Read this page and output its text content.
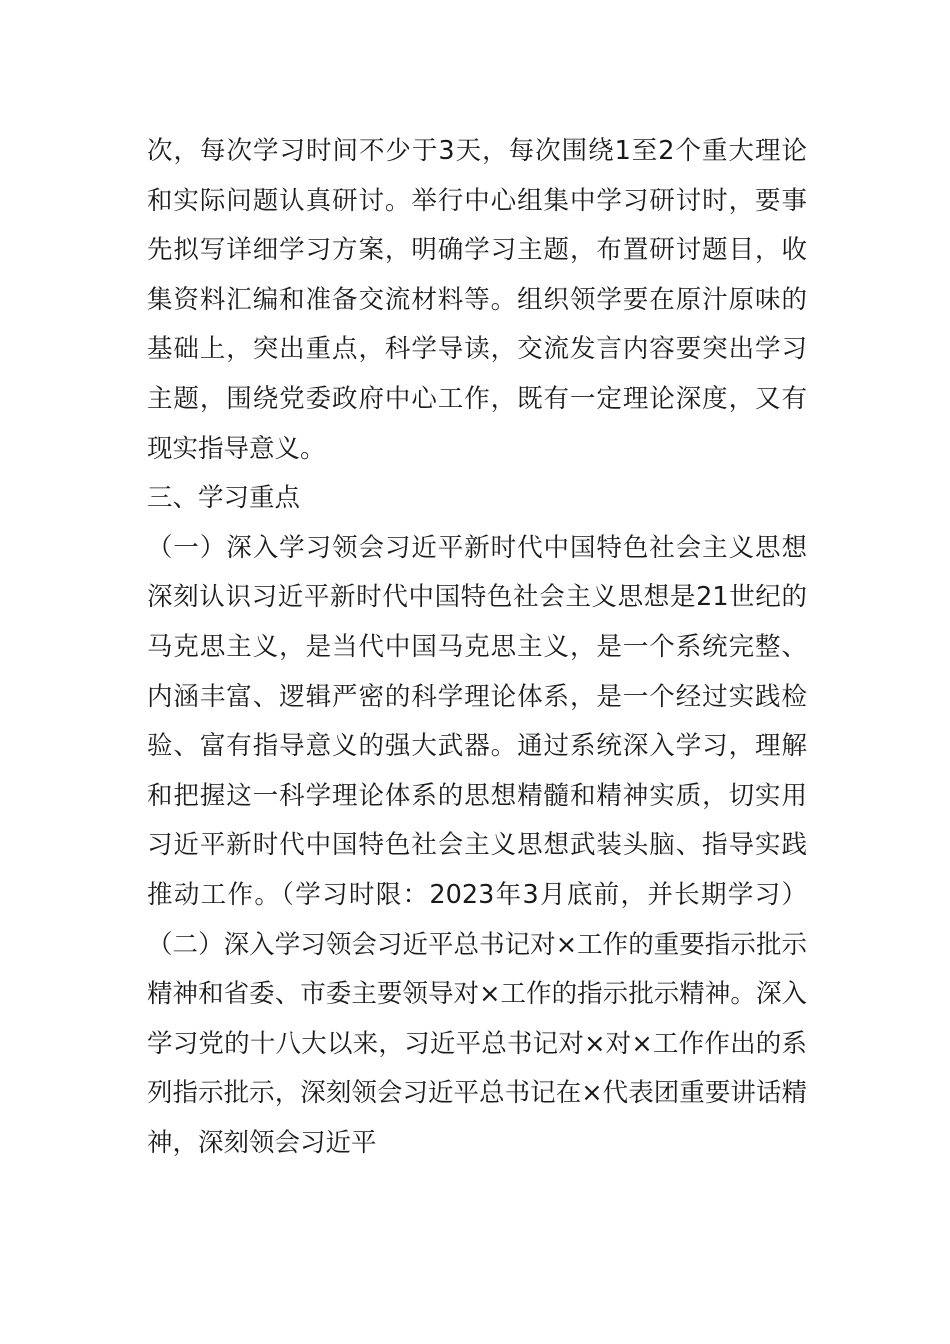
次，每次学习时间不少于3天，每次围绕1至2个重大理论
和实际问题认真研讨。举行中心组集中学习研讨时，要事
先拟写详细学习方案，明确学习主题，布置研讨题目，收
集资料汇编和准备交流材料等。组织领学要在原汁原味的
基础上，突出重点，科学导读，交流发言内容要突出学习
主题，围绕党委政府中心工作，既有一定理论深度，又有
现实指导意义。
三、学习重点
（一）深入学习领会习近平新时代中国特色社会主义思想
深刻认识习近平新时代中国特色社会主义思想是21世纪的
马克思主义，是当代中国马克思主义，是一个系统完整、
内涵丰富、逻辑严密的科学理论体系，是一个经过实践检
验、富有指导意义的强大武器。通过系统深入学习，理解
和把握这一科学理论体系的思想精髓和精神实质，切实用
习近平新时代中国特色社会主义思想武装头脑、指导实践
推动工作。（学习时限：2023年3月底前，并长期学习）
（二）深入学习领会习近平总书记对×工作的重要指示批示
精神和省委、市委主要领导对×工作的指示批示精神。深入
学习党的十八大以来，习近平总书记对×对×工作作出的系
列指示批示，深刻领会习近平总书记在×代表团重要讲话精
神，深刻领会习近平
